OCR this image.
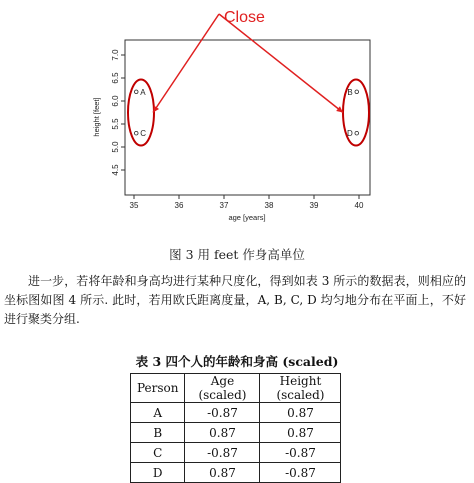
35	36	37	38	39	40
4.5
5.0
5.5
6.0
6.5
7.0
A	B
C	D
age [years]
height [feet]
Close
图 3 用 feet 作身高单位

进一步，若将年龄和身高均进行某种尺度化，得到如表 3 所示的数据表，则相应的坐标图如图 4 所示. 此时，若用欧氏距离度量，A, B, C, D 均匀地分布在平面上，不好进行聚类分组.

表 3 四个人的年龄和身高 (scaled)
Person	Age (scaled)	Height (scaled)
A	-0.87	0.87
B	0.87	0.87
C	-0.87	-0.87
D	0.87	-0.87
